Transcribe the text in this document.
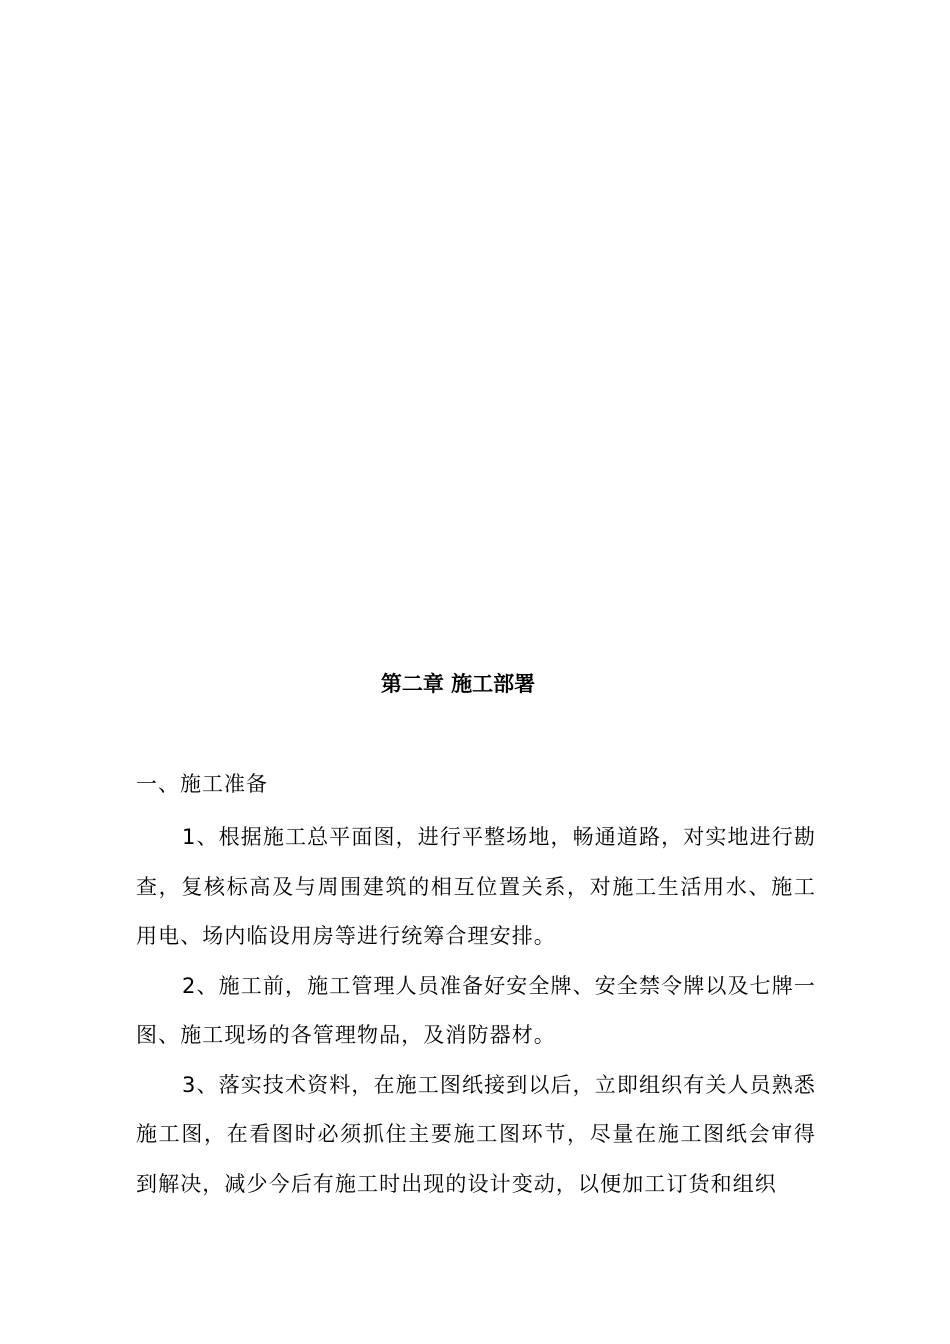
第二章 施工部署
一、施工准备

1、根据施工总平面图，进行平整场地，畅通道路，对实地进行勘查，复核标高及与周围建筑的相互位置关系，对施工生活用水、施工用电、场内临设用房等进行统筹合理安排。

2、施工前，施工管理人员准备好安全牌、安全禁令牌以及七牌一图、施工现场的各管理物品，及消防器材。

3、落实技术资料，在施工图纸接到以后，立即组织有关人员熟悉施工图，在看图时必须抓住主要施工图环节，尽量在施工图纸会审得到解决，减少今后有施工时出现的设计变动，以便加工订货和组织
